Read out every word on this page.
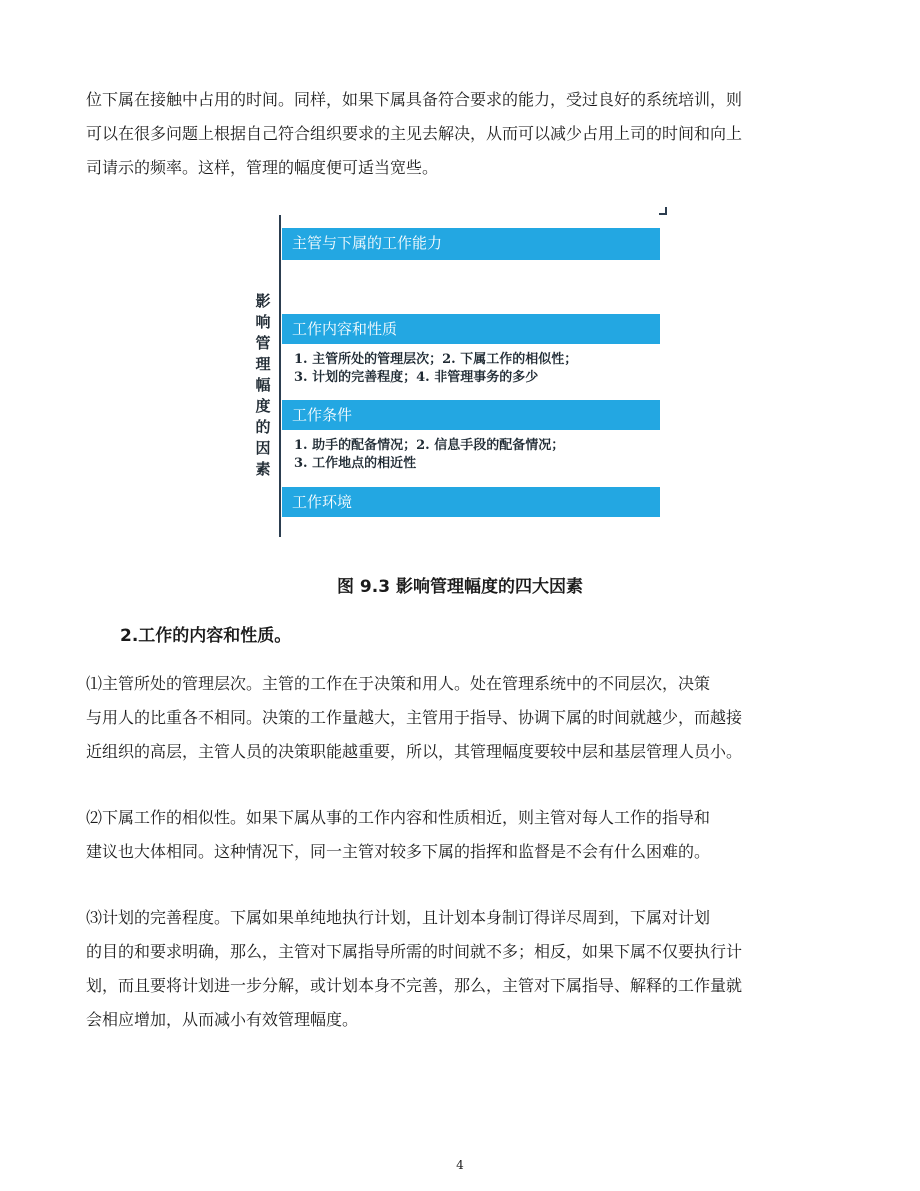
位下属在接触中占用的时间。同样，如果下属具备符合要求的能力，受过良好的系统培训，则

可以在很多问题上根据自己符合组织要求的主见去解决，从而可以减少占用上司的时间和向上

司请示的频率。这样，管理的幅度便可适当宽些。

影响管理幅度的因素
主管与下属的工作能力
工作内容和性质

1. 主管所处的管理层次；2. 下属工作的相似性；

3. 计划的完善程度；4. 非管理事务的多少

工作条件

1. 助手的配备情况；2. 信息手段的配备情况；

3. 工作地点的相近性

工作环境
图 9.3 影响管理幅度的四大因素
2.工作的内容和性质。

⑴主管所处的管理层次。主管的工作在于决策和用人。处在管理系统中的不同层次，决策

与用人的比重各不相同。决策的工作量越大，主管用于指导、协调下属的时间就越少，而越接

近组织的高层，主管人员的决策职能越重要，所以，其管理幅度要较中层和基层管理人员小。

⑵下属工作的相似性。如果下属从事的工作内容和性质相近，则主管对每人工作的指导和

建议也大体相同。这种情况下，同一主管对较多下属的指挥和监督是不会有什么困难的。

⑶计划的完善程度。下属如果单纯地执行计划，且计划本身制订得详尽周到，下属对计划

的目的和要求明确，那么，主管对下属指导所需的时间就不多；相反，如果下属不仅要执行计

划，而且要将计划进一步分解，或计划本身不完善，那么，主管对下属指导、解释的工作量就

会相应增加，从而减小有效管理幅度。

4
